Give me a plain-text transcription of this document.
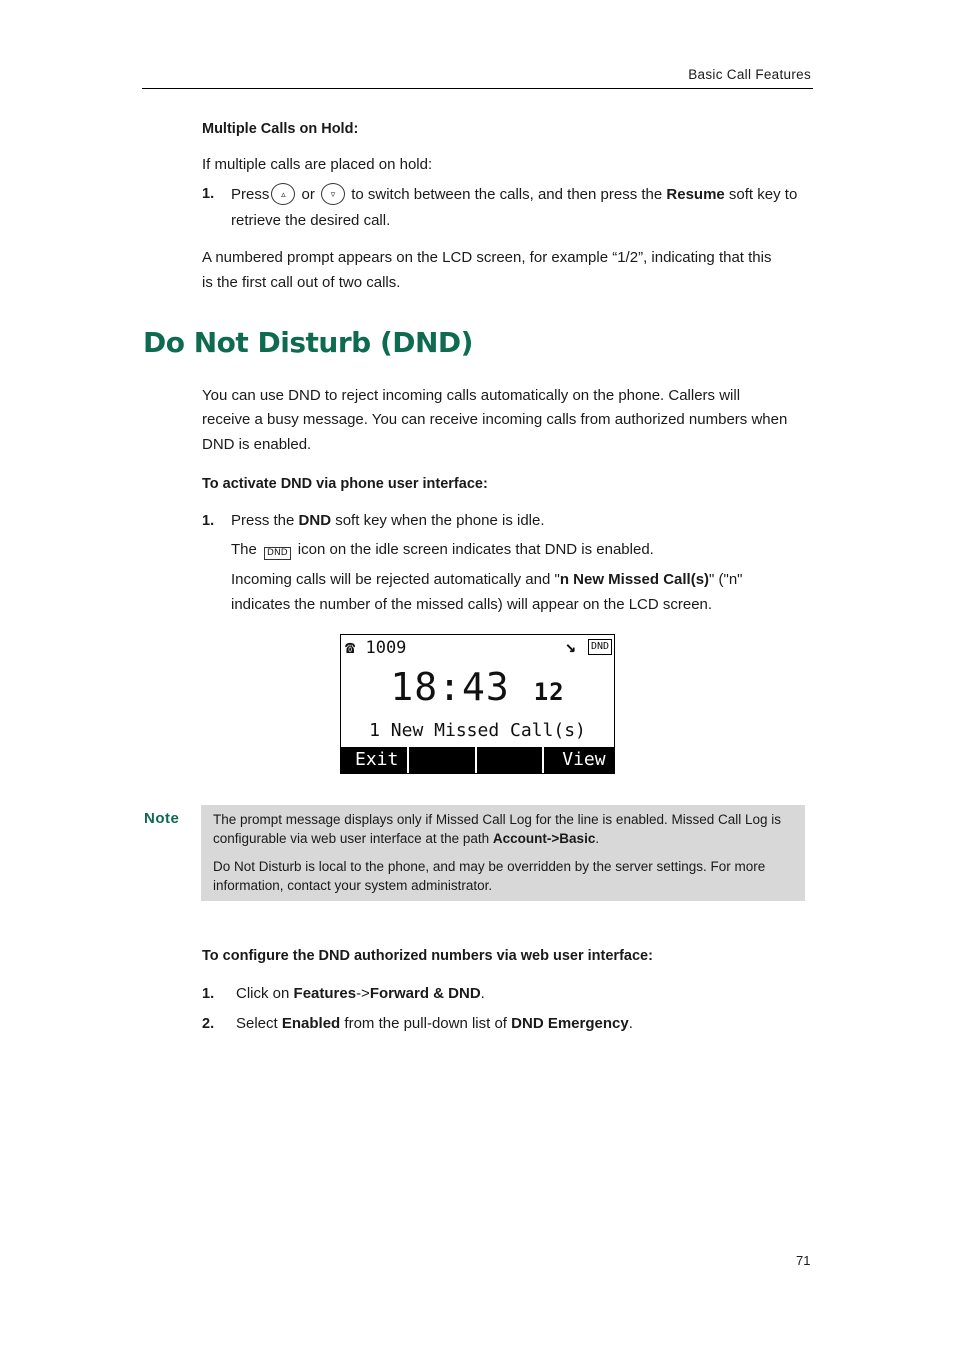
Basic Call Features
Multiple Calls on Hold:
If multiple calls are placed on hold:
1. Press	▵	or	▿	to switch between the calls, and then press the Resume soft key to
retrieve the desired call.
A numbered prompt appears on the LCD screen, for example “1/2”, indicating that this
is the first call out of two calls.
Do Not Disturb (DND)
You can use DND to reject incoming calls automatically on the phone. Callers will
receive a busy message. You can receive incoming calls from authorized numbers when
DND is enabled.
To activate DND via phone user interface:
1. Press the DND soft key when the phone is idle.
The DND icon on the idle screen indicates that DND is enabled.
Incoming calls will be rejected automatically and "n New Missed Call(s)" ("n"
indicates the number of the missed calls) will appear on the LCD screen.
☎ 1009	↘	DND
18:43 12
1 New Missed Call(s)
Exit	View
Note The prompt message displays only if Missed Call Log for the line is enabled. Missed Call Log is configurable via web user interface at the path Account->Basic.

Do Not Disturb is local to the phone, and may be overridden by the server settings. For more information, contact your system administrator.

To configure the DND authorized numbers via web user interface:
1. Click on Features->Forward & DND.
2. Select Enabled from the pull-down list of DND Emergency.
71
